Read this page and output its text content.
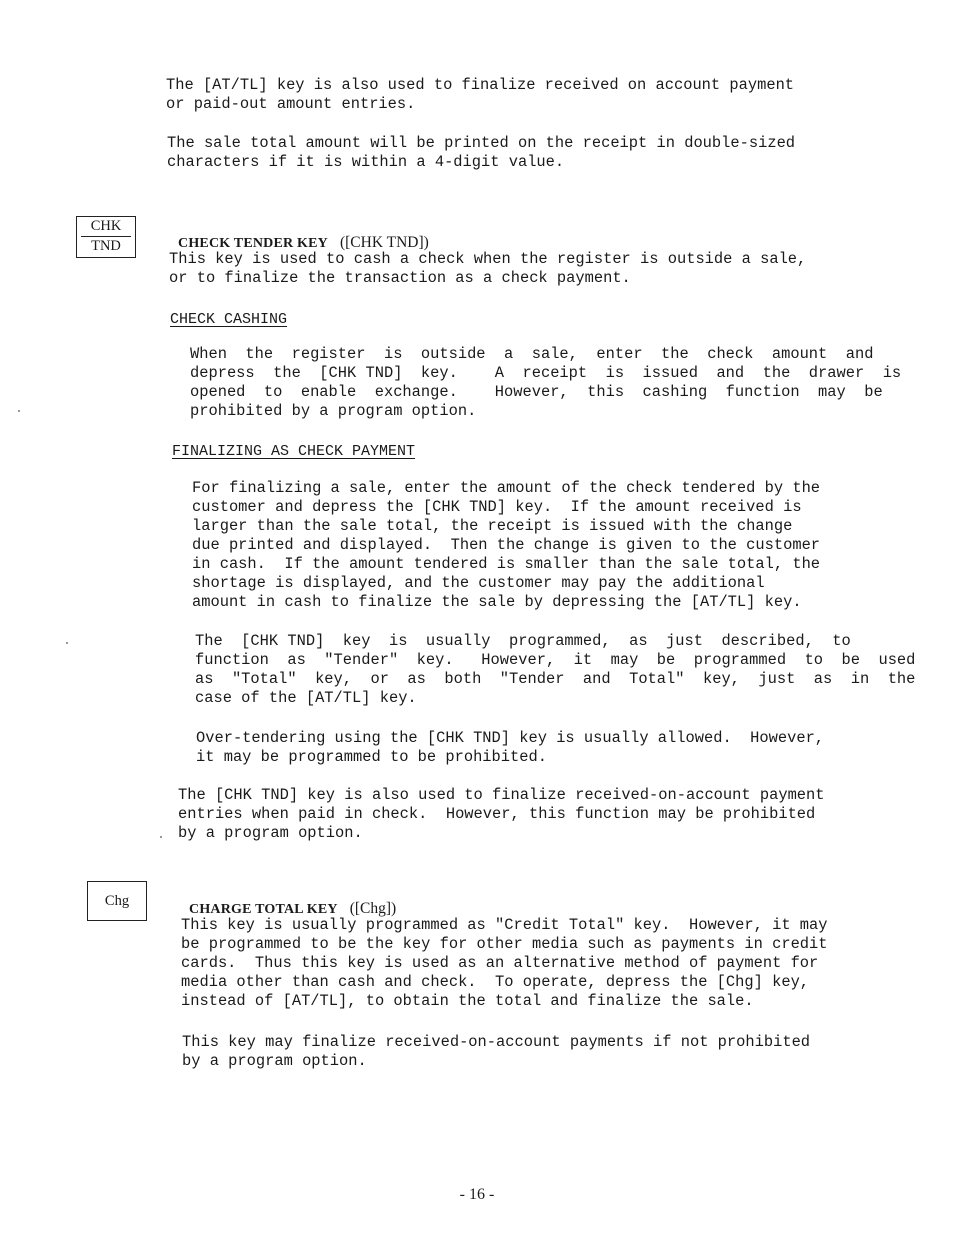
The [AT/TL] key is also used to finalize received on account payment
or paid-out amount entries.

The sale total amount will be printed on the receipt in double-sized
characters if it is within a 4-digit value.

CHK
TND	CHECK TENDER KEY ([CHK TND])

This key is used to cash a check when the register is outside a sale,
or to finalize the transaction as a check payment.

CHECK CASHING

When  the  register  is  outside  a  sale,  enter  the  check  amount  and
depress  the  [CHK TND]  key.    A  receipt  is  issued  and  the  drawer  is
opened  to  enable  exchange.    However,  this  cashing  function  may  be
prohibited by a program option.

FINALIZING AS CHECK PAYMENT

For finalizing a sale, enter the amount of the check tendered by the
customer and depress the [CHK TND] key.  If the amount received is
larger than the sale total, the receipt is issued with the change
due printed and displayed.  Then the change is given to the customer
in cash.  If the amount tendered is smaller than the sale total, the
shortage is displayed, and the customer may pay the additional
amount in cash to finalize the sale by depressing the [AT/TL] key.

The  [CHK TND]  key  is  usually  programmed,  as  just  described,  to
function  as  "Tender"  key.   However,  it  may  be  programmed  to  be  used
as  "Total"  key,  or  as  both  "Tender  and  Total"  key,  just  as  in  the
case of the [AT/TL] key.

Over-tendering using the [CHK TND] key is usually allowed.  However,
it may be programmed to be prohibited.

The [CHK TND] key is also used to finalize received-on-account payment
entries when paid in check.  However, this function may be prohibited
by a program option.

Chg

CHARGE TOTAL KEY ([Chg])

This key is usually programmed as "Credit Total" key.  However, it may
be programmed to be the key for other media such as payments in credit
cards.  Thus this key is used as an alternative method of payment for
media other than cash and check.  To operate, depress the [Chg] key,
instead of [AT/TL], to obtain the total and finalize the sale.

This key may finalize received-on-account payments if not prohibited
by a program option.

- 16 -
